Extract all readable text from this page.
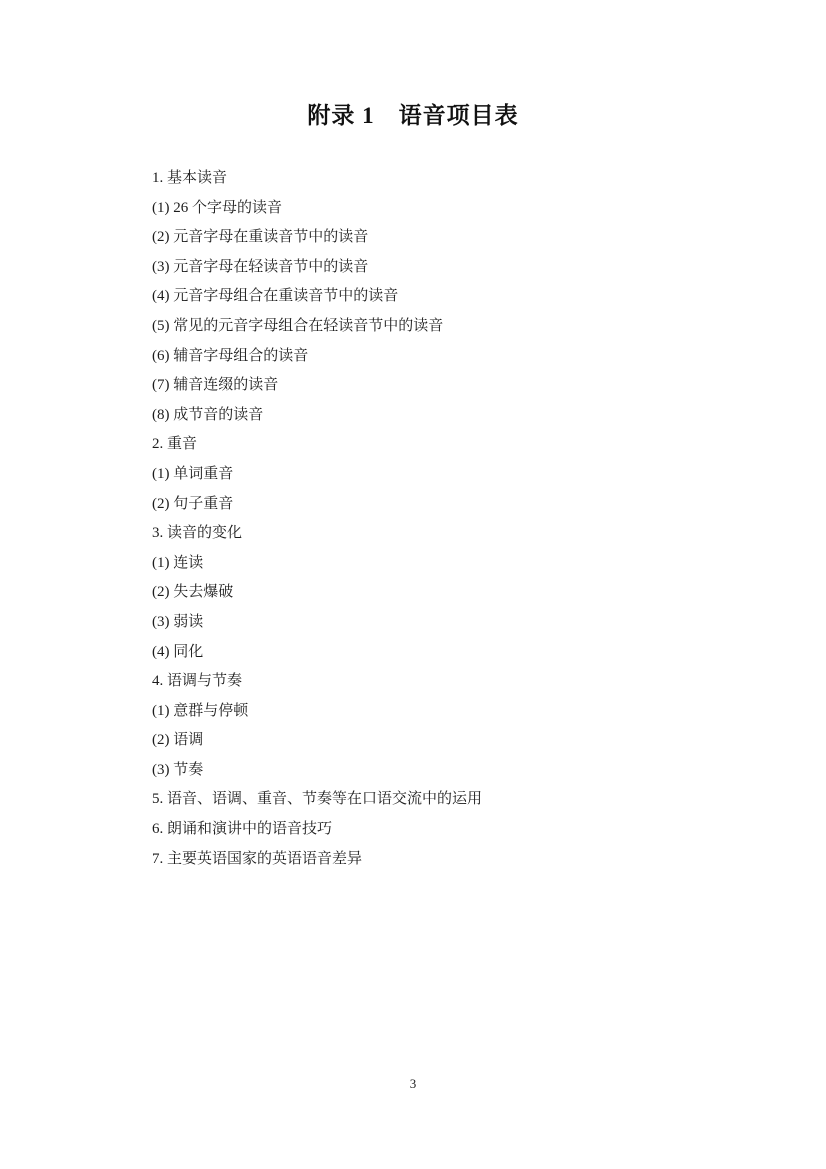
附录 1　语音项目表

1. 基本读音

(1) 26 个字母的读音

(2) 元音字母在重读音节中的读音

(3) 元音字母在轻读音节中的读音

(4) 元音字母组合在重读音节中的读音

(5) 常见的元音字母组合在轻读音节中的读音

(6) 辅音字母组合的读音

(7) 辅音连缀的读音

(8) 成节音的读音

2. 重音

(1) 单词重音

(2) 句子重音

3. 读音的变化

(1) 连读

(2) 失去爆破

(3) 弱读

(4) 同化

4. 语调与节奏

(1) 意群与停顿

(2) 语调

(3) 节奏

5. 语音、语调、重音、节奏等在口语交流中的运用

6. 朗诵和演讲中的语音技巧

7. 主要英语国家的英语语音差异

3
